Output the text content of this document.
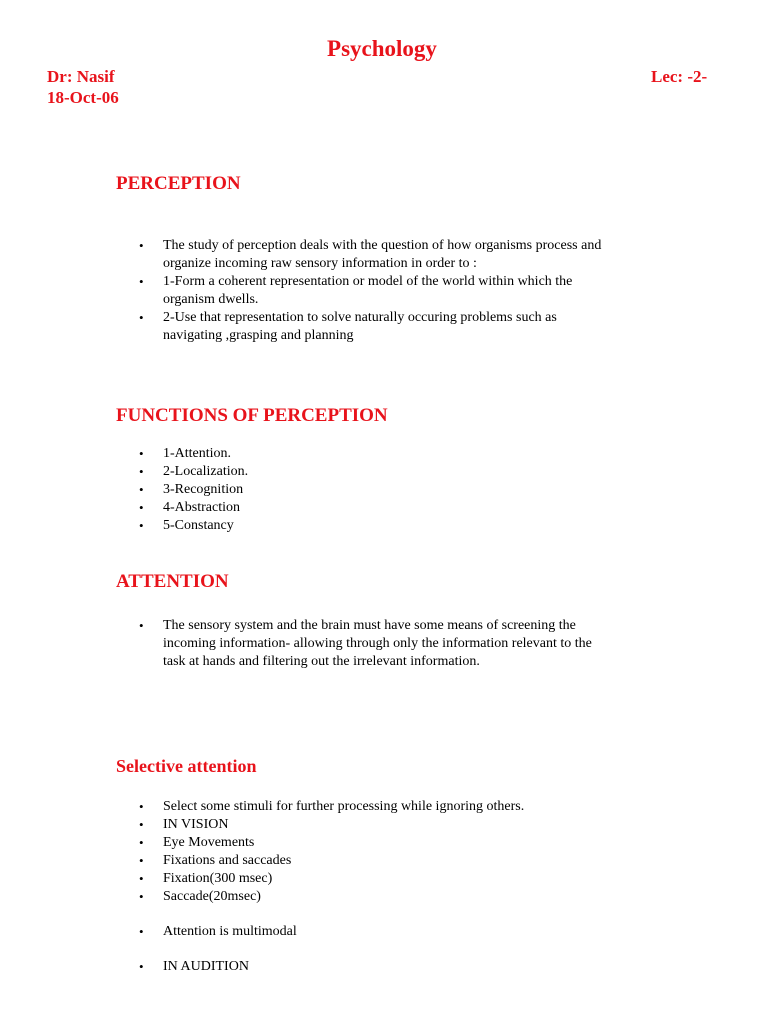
Psychology
Dr: Nasif	Lec: -2-
18-Oct-06
PERCEPTION
• The study of perception deals with the question of how organisms process and
organize incoming raw sensory information in order to :
• 1-Form a coherent representation or model of the world within which the
organism dwells.
• 2-Use that representation to solve naturally occuring problems such as
navigating ,grasping and planning
FUNCTIONS OF PERCEPTION
• 1-Attention.
• 2-Localization.
• 3-Recognition
• 4-Abstraction
• 5-Constancy
ATTENTION
• The sensory system and the brain must have some means of screening the
incoming information- allowing through only the information relevant to the
task at hands and filtering out the irrelevant information.
Selective attention
• Select some stimuli for further processing while ignoring others.
• IN VISION
• Eye Movements
• Fixations and saccades
• Fixation(300 msec)
• Saccade(20msec)
• Attention is multimodal
• IN AUDITION
